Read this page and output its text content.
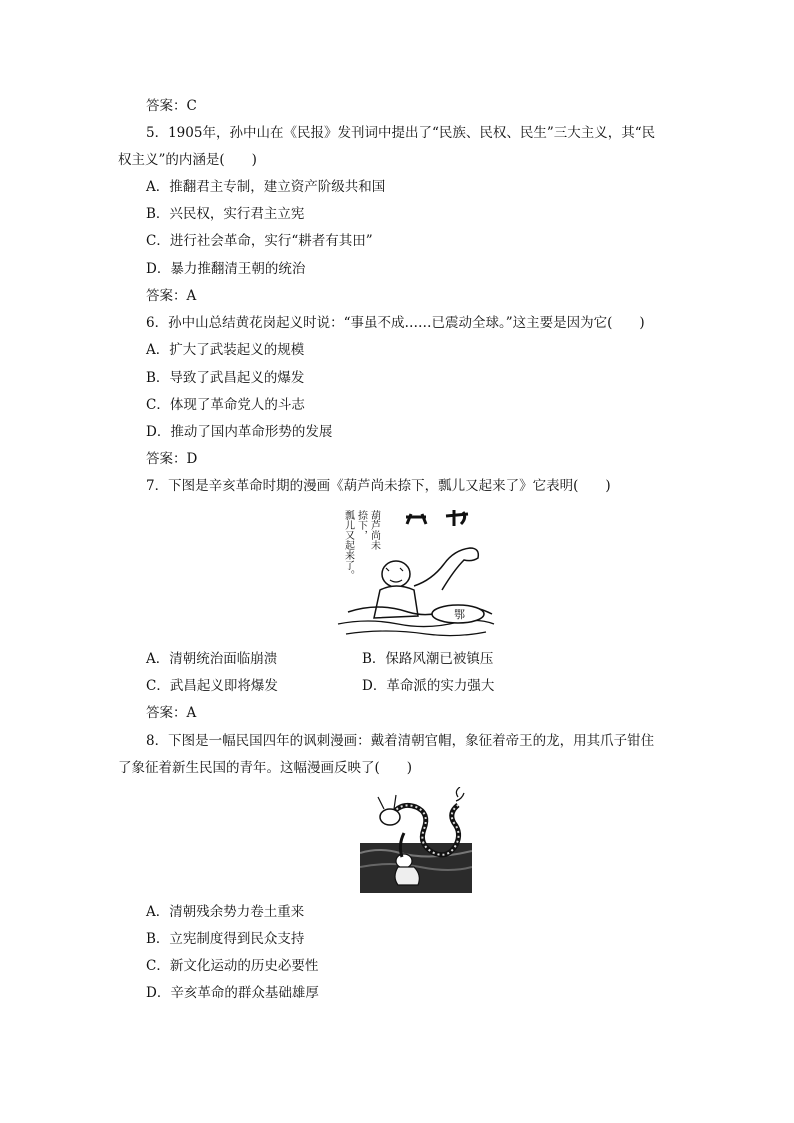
答案：C
5．1905年，孙中山在《民报》发刊词中提出了“民族、民权、民生”三大主义，其“民
权主义”的内涵是(　　)
A．推翻君主专制，建立资产阶级共和国
B．兴民权，实行君主立宪
C．进行社会革命，实行“耕者有其田”
D．暴力推翻清王朝的统治
答案：A
6．孙中山总结黄花岗起义时说：“事虽不成……已震动全球。”这主要是因为它(　　)
A．扩大了武装起义的规模
B．导致了武昌起义的爆发
C．体现了革命党人的斗志
D．推动了国内革命形势的发展
答案：D
7．下图是辛亥革命时期的漫画《葫芦尚未捺下，瓢儿又起来了》它表明(　　)
葫芦尚未
捺下，
瓢儿又起来了。
鄂
A．清朝统治面临崩溃	B．保路风潮已被镇压
C．武昌起义即将爆发	D．革命派的实力强大
答案：A
8．下图是一幅民国四年的讽刺漫画：戴着清朝官帽，象征着帝王的龙，用其爪子钳住
了象征着新生民国的青年。这幅漫画反映了(　　)
A．清朝残余势力卷土重来
B．立宪制度得到民众支持
C．新文化运动的历史必要性
D．辛亥革命的群众基础雄厚
